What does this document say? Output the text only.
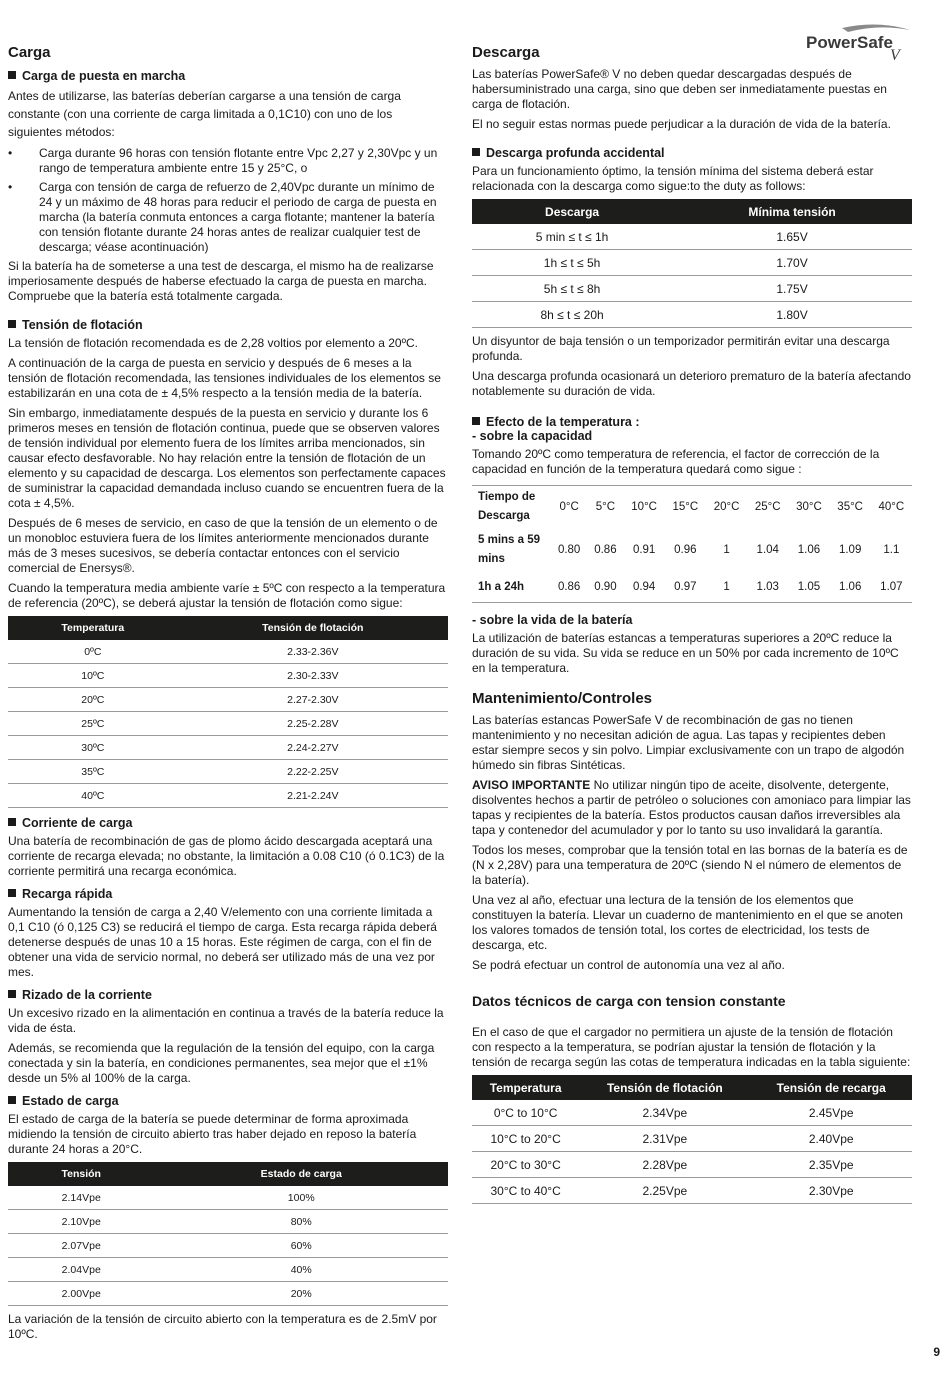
PowerSafe
V
Carga
Carga de puesta en marcha

Antes de utilizarse, las baterías deberían cargarse a una tensión de carga constante (con una corriente de carga limitada a 0,1C10) con uno de los siguientes métodos:

• Carga durante 96 horas con tensión flotante entre Vpc 2,27 y 2,30Vpc y un rango de temperatura ambiente entre 15 y 25°C, o
• Carga con tensión de carga de refuerzo de 2,40Vpc durante un mínimo de 24 y un máximo de 48 horas para reducir el periodo de carga de puesta en marcha (la batería conmuta entonces a carga flotante; mantener la batería con tensión flotante durante 24 horas antes de realizar cualquier test de descarga; véase acontinuación)

Si la batería ha de someterse a una test de descarga, el mismo ha de realizarse imperiosamente después de haberse efectuado la carga de puesta en marcha. Compruebe que la batería está totalmente cargada.

Tensión de flotación

La tensión de flotación recomendada es de 2,28 voltios por elemento a 20ºC.

A continuación de la carga de puesta en servicio y después de 6 meses a la tensión de flotación recomendada, las tensiones individuales de los elementos se estabilizarán en una cota de ± 4,5% respecto a la tensión media de la batería.

Sin embargo, inmediatamente después de la puesta en servicio y durante los 6 primeros meses en tensión de flotación continua, puede que se observen valores de tensión individual por elemento fuera de los límites arriba mencionados, sin causar efecto desfavorable. No hay relación entre la tensión de flotación de un elemento y su capacidad de descarga. Los elementos son perfectamente capaces de suministrar la capacidad demandada incluso cuando se encuentren fuera de la cota ± 4,5%.

Después de 6 meses de servicio, en caso de que la tensión de un elemento o de un monobloc estuviera fuera de los límites anteriormente mencionados durante más de 3 meses sucesivos, se debería contactar entonces con el servicio comercial de Enersys®.

Cuando la temperatura media ambiente varíe ± 5ºC con respecto a la temperatura de referencia (20ºC), se deberá ajustar la tensión de flotación como sigue:

Temperatura	Tensión de flotación
0ºC	2.33-2.36V
10ºC	2.30-2.33V
20ºC	2.27-2.30V
25ºC	2.25-2.28V
30ºC	2.24-2.27V
35ºC	2.22-2.25V
40ºC	2.21-2.24V
Corriente de carga

Una batería de recombinación de gas de plomo ácido descargada aceptará una corriente de recarga elevada; no obstante, la limitación a 0.08 C10 (ó 0.1C3) de la corriente permitirá una recarga económica.

Recarga rápida

Aumentando la tensión de carga a 2,40 V/elemento con una corriente limitada a 0,1 C10 (ó 0,125 C3) se reducirá el tiempo de carga. Esta recarga rápida deberá detenerse después de unas 10 a 15 horas. Este régimen de carga, con el fin de obtener una vida de servicio normal, no deberá ser utilizado más de una vez por mes.

Rizado de la corriente

Un excesivo rizado en la alimentación en continua a través de la batería reduce la vida de ésta.

Además, se recomienda que la regulación de la tensión del equipo, con la carga conectada y sin la batería, en condiciones permanentes, sea mejor que el ±1% desde un 5% al 100% de la carga.

Estado de carga

El estado de carga de la batería se puede determinar de forma aproximada midiendo la tensión de circuito abierto tras haber dejado en reposo la batería durante 24 horas a 20°C.

Tensión	Estado de carga
2.14Vpe	100%
2.10Vpe	80%
2.07Vpe	60%
2.04Vpe	40%
2.00Vpe	20%

La variación de la tensión de circuito abierto con la temperatura es de 2.5mV por 10ºC.

Descarga

Las baterías PowerSafe® V no deben quedar descargadas después de habersuministrado una carga, sino que deben ser inmediatamente puestas en carga de flotación.

El no seguir estas normas puede perjudicar a la duración de vida de la batería.

Descarga profunda accidental

Para un funcionamiento óptimo, la tensión mínima del sistema deberá estar relacionada con la descarga como sigue:to the duty as follows:

Descarga	Mínima tensión
5 min ≤ t ≤ 1h	1.65V
1h ≤ t ≤ 5h	1.70V
5h ≤ t ≤ 8h	1.75V
8h ≤ t ≤ 20h	1.80V

Un disyuntor de baja tensión o un temporizador permitirán evitar una descarga profunda.

Una descarga profunda ocasionará un deterioro prematuro de la batería afectando notablemente su duración de vida.

Efecto de la temperatura :
- sobre la capacidad

Tomando 20ºC como temperatura de referencia, el factor de corrección de la capacidad en función de la temperatura quedará como sigue :

Tiempo de Descarga	0°C	5°C	10°C	15°C	20°C	25°C	30°C	35°C	40°C
5 mins a 59 mins	0.80	0.86	0.91	0.96	1	1.04	1.06	1.09	1.1
1h a 24h	0.86	0.90	0.94	0.97	1	1.03	1.05	1.06	1.07
- sobre la vida de la batería

La utilización de baterías estancas a temperaturas superiores a 20ºC reduce la duración de su vida. Su vida se reduce en un 50% por cada incremento de 10ºC en la temperatura.

Mantenimiento/Controles

Las baterías estancas PowerSafe V de recombinación de gas no tienen mantenimiento y no necesitan adición de agua. Las tapas y recipientes deben estar siempre secos y sin polvo. Limpiar exclusivamente con un trapo de algodón húmedo sin fibras Sintéticas.

AVISO IMPORTANTE No utilizar ningún tipo de aceite, disolvente, detergente, disolventes hechos a partir de petróleo o soluciones con amoniaco para limpiar las tapas y recipientes de la batería. Estos productos causan daños irreversibles ala tapa y contenedor del acumulador y por lo tanto su uso invalidará la garantía.

Todos los meses, comprobar que la tensión total en las bornas de la batería es de (N x 2,28V) para una temperatura de 20ºC (siendo N el número de elementos de la batería).

Una vez al año, efectuar una lectura de la tensión de los elementos que constituyen la batería. Llevar un cuaderno de mantenimiento en el que se anoten los valores tomados de tensión total, los cortes de electricidad, los tests de descarga, etc.

Se podrá efectuar un control de autonomía una vez al año.

Datos técnicos de carga con tension constante

En el caso de que el cargador no permitiera un ajuste de la tensión de flotación con respecto a la temperatura, se podrían ajustar la tensión de flotación y la tensión de recarga según las cotas de temperatura indicadas en la tabla siguiente:

Temperatura	Tensión de flotación	Tensión de recarga
0°C to 10°C	2.34Vpe	2.45Vpe
10°C to 20°C	2.31Vpe	2.40Vpe
20°C to 30°C	2.28Vpe	2.35Vpe
30°C to 40°C	2.25Vpe	2.30Vpe
9
